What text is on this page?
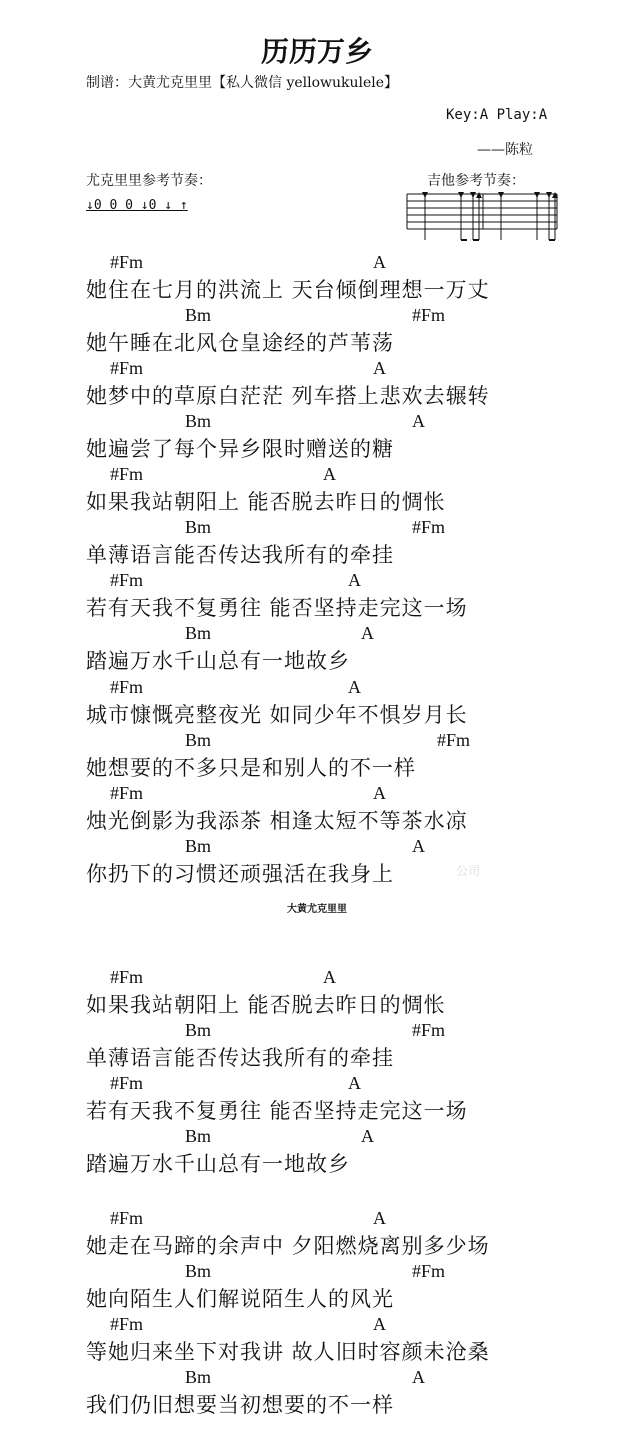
历历万乡
制谱：大黄尤克里里【私人微信 yellowukulele】
Key:A Play:A
——陈粒
尤克里里参考节奏：	吉他参考节奏：
↓0 0 0 ↓0 ↓ ↑
#Fm	A
她住在七月的洪流上 天台倾倒理想一万丈
Bm	#Fm
她午睡在北风仓皇途经的芦苇荡
#Fm	A
她梦中的草原白茫茫 列车搭上悲欢去辗转
Bm	A
她遍尝了每个异乡限时赠送的糖
#Fm	A
如果我站朝阳上 能否脱去昨日的惆怅
Bm	#Fm
单薄语言能否传达我所有的牵挂
#Fm	A
若有天我不复勇往 能否坚持走完这一场
Bm	A
踏遍万水千山总有一地故乡
#Fm	A
城市慷慨亮整夜光 如同少年不惧岁月长
Bm	#Fm
她想要的不多只是和别人的不一样
#Fm	A
烛光倒影为我添茶 相逢太短不等茶水凉
Bm	A
你扔下的习惯还顽强活在我身上	公司
大黄尤克里里
#Fm	A
如果我站朝阳上 能否脱去昨日的惆怅
Bm	#Fm
单薄语言能否传达我所有的牵挂
#Fm	A
若有天我不复勇往 能否坚持走完这一场
Bm	A
踏遍万水千山总有一地故乡
#Fm	A
她走在马蹄的余声中 夕阳燃烧离别多少场
Bm	#Fm
她向陌生人们解说陌生人的风光
#Fm	A
等她归来坐下对我讲 故人旧时容颜未沧桑
Bm	A
我们仍旧想要当初想要的不一样
